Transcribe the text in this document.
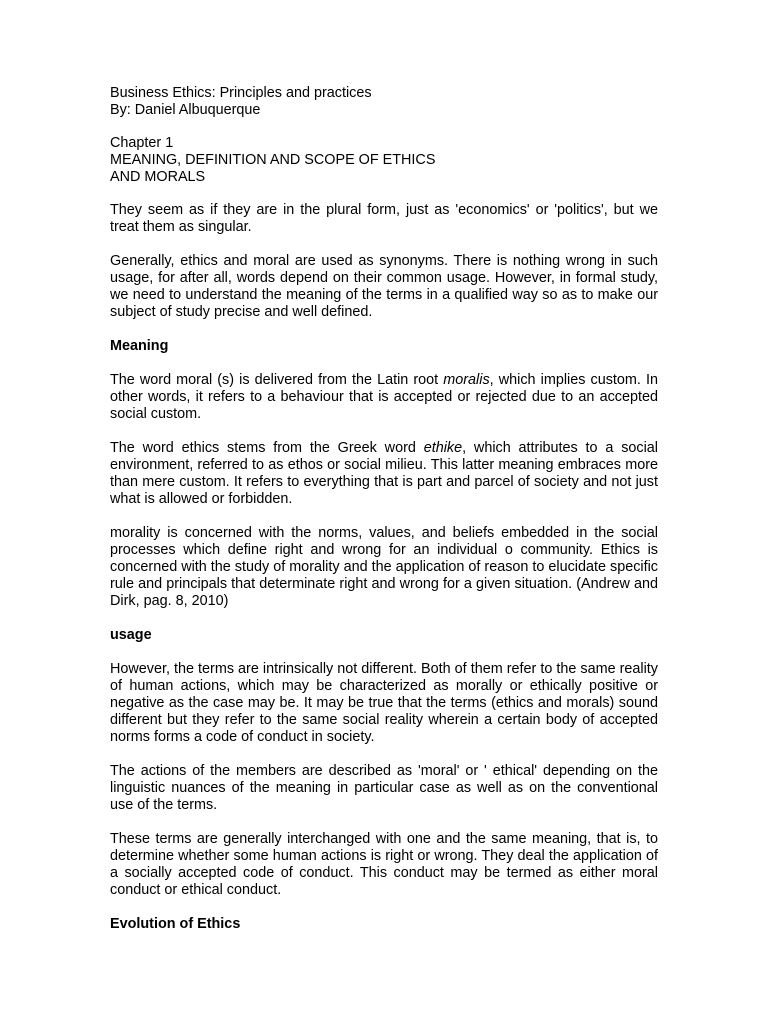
Business Ethics: Principles and practices

By: Daniel Albuquerque

Chapter 1

MEANING, DEFINITION AND SCOPE OF ETHICS

AND MORALS

They seem as if they are in the plural form, just as 'economics' or 'politics', but we treat them as singular.

Generally, ethics and moral are used as synonyms. There is nothing wrong in such usage, for after all, words depend on their common usage. However, in formal study, we need to understand the meaning of the terms in a qualified way so as to make our subject of study precise and well defined.

Meaning

The word moral (s) is delivered from the Latin root moralis, which implies custom. In other words, it refers to a behaviour that is accepted or rejected due to an accepted social custom.

The word ethics stems from the Greek word ethike, which attributes to a social environment, referred to as ethos or social milieu. This latter meaning embraces more than mere custom. It refers to everything that is part and parcel of society and not just what is allowed or forbidden.

morality is concerned with the norms, values, and beliefs embedded in the social processes which define right and wrong for an individual o community. Ethics is concerned with the study of morality and the application of reason to elucidate specific rule and principals that determinate right and wrong for a given situation. (Andrew and Dirk, pag. 8, 2010)

usage

However, the terms are intrinsically not different. Both of them refer to the same reality of human actions, which may be characterized as morally or ethically positive or negative as the case may be. It may be true that the terms (ethics and morals) sound different but they refer to the same social reality wherein a certain body of accepted norms forms a code of conduct in society.

The actions of the members are described as 'moral' or ' ethical' depending on the linguistic nuances of the meaning in particular case as well as on the conventional use of the terms.

These terms are generally interchanged with one and the same meaning, that is, to determine whether some human actions is right or wrong. They deal the application of a socially accepted code of conduct. This conduct may be termed as either moral conduct or ethical conduct.

Evolution of Ethics
